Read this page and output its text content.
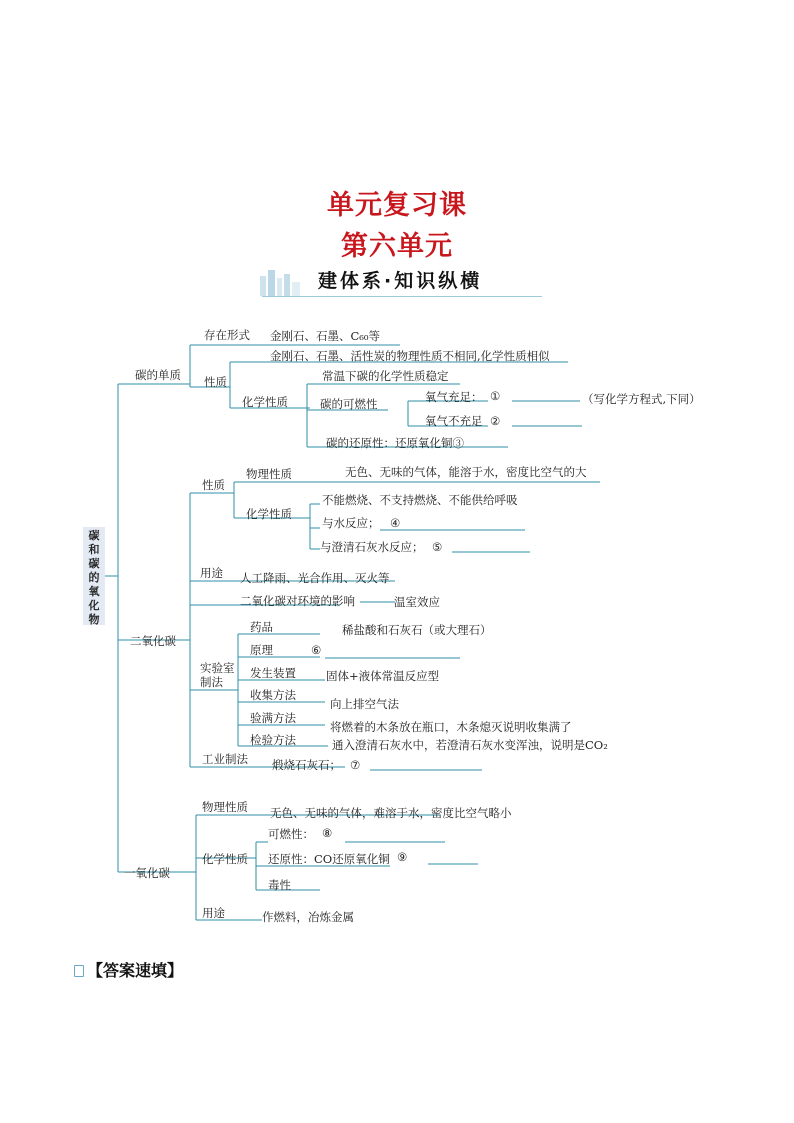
单元复习课
第六单元
建体系·知识纵横
碳
和
碳
的
氧
化
物
碳的单质
存在形式 金刚石、石墨、C₆₀等
性质
金刚石、石墨、活性炭的物理性质不相同,化学性质相似
化学性质
常温下碳的化学性质稳定
碳的可燃性	氧气充足： ①	（写化学方程式,下同）
氧气不充足 ②
碳的还原性：还原氧化铜③
二氧化碳
性质
物理性质	无色、无味的气体，能溶于水，密度比空气的大
化学性质
不能燃烧、不支持燃烧、不能供给呼吸
与水反应； ④
与澄清石灰水反应； ⑤
用途 人工降雨、光合作用、灭火等
二氧化碳对环境的影响	温室效应
实验室
制法
药品	稀盐酸和石灰石（或大理石）
原理	⑥
发生装置	固体+液体常温反应型
收集方法
向上排空气法
验满方法
将燃着的木条放在瓶口，木条熄灭说明收集满了
检验方法	通入澄清石灰水中，若澄清石灰水变浑浊，说明是CO₂
工业制法 煅烧石灰石； ⑦
一氧化碳
物理性质 无色、无味的气体，难溶于水，密度比空气略小
化学性质
可燃性： ⑧
还原性：CO还原氧化铜 ⑨
毒性
用途	作燃料，冶炼金属
【答案速填】
